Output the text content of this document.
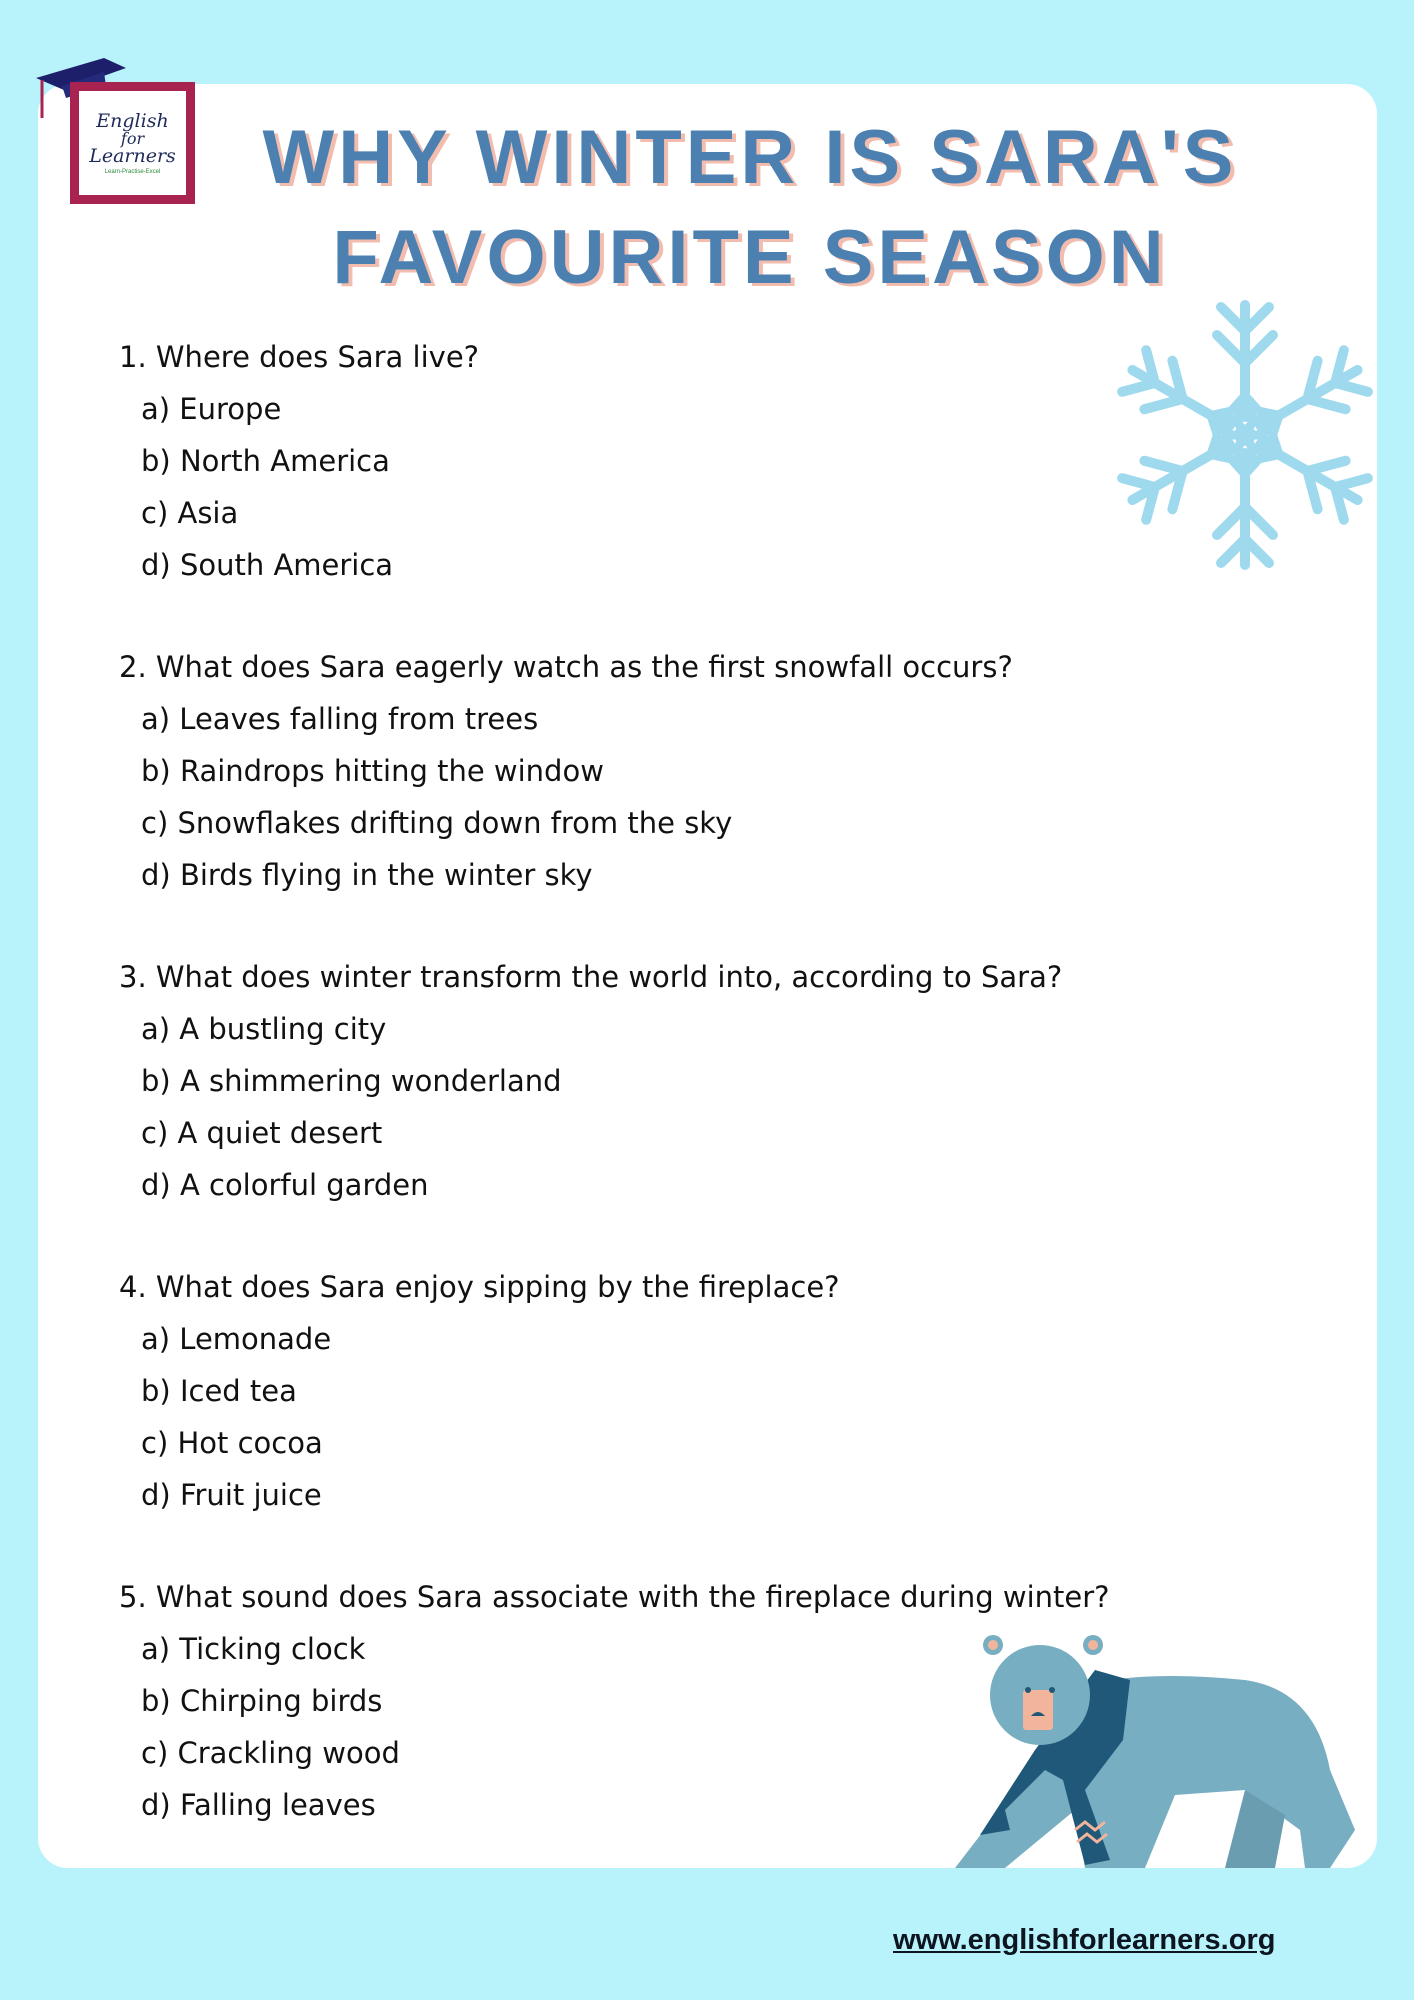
English
for
Learners
Learn-Practise-Excel	WHY WINTER IS SARA'S
FAVOURITE SEASON
1. Where does Sara live?
a) Europe
b) North America
c) Asia
d) South America
2. What does Sara eagerly watch as the first snowfall occurs?
a) Leaves falling from trees
b) Raindrops hitting the window
c) Snowflakes drifting down from the sky
d) Birds flying in the winter sky
3. What does winter transform the world into, according to Sara?
a) A bustling city
b) A shimmering wonderland
c) A quiet desert
d) A colorful garden
4. What does Sara enjoy sipping by the fireplace?
a) Lemonade
b) Iced tea
c) Hot cocoa
d) Fruit juice
5. What sound does Sara associate with the fireplace during winter?
a) Ticking clock
b) Chirping birds
c) Crackling wood
d) Falling leaves
www.englishforlearners.org
